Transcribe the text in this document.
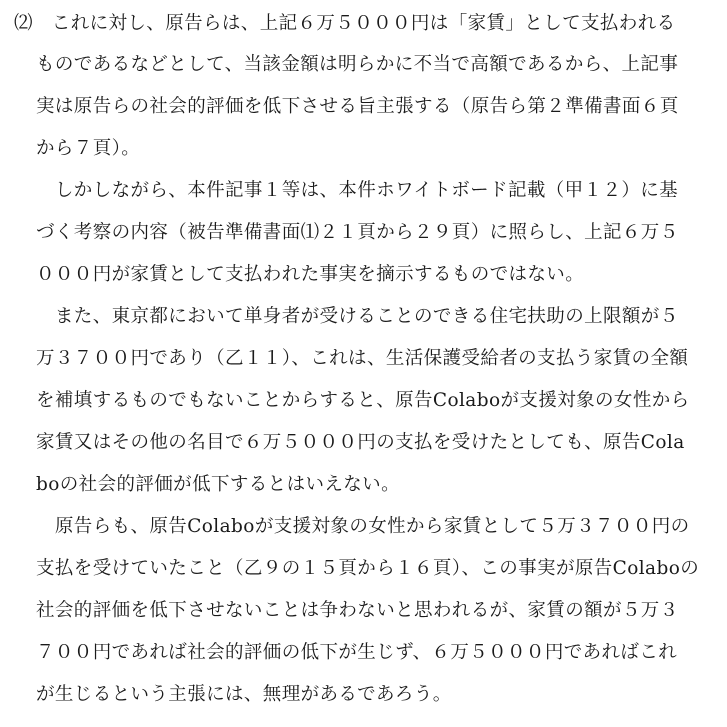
⑵　これに対し、原告らは、上記６万５０００円は「家賃」として支払われる
ものであるなどとして、当該金額は明らかに不当で高額であるから、上記事
実は原告らの社会的評価を低下させる旨主張する（原告ら第２準備書面６頁
から７頁）。
　しかしながら、本件記事１等は、本件ホワイトボード記載（甲１２）に基
づく考察の内容（被告準備書面⑴２１頁から２９頁）に照らし、上記６万５
０００円が家賃として支払われた事実を摘示するものではない。
　また、東京都において単身者が受けることのできる住宅扶助の上限額が５
万３７００円であり（乙１１）、これは、生活保護受給者の支払う家賃の全額
を補填するものでもないことからすると、原告Colaboが支援対象の女性から
家賃又はその他の名目で６万５０００円の支払を受けたとしても、原告Cola
boの社会的評価が低下するとはいえない。
　原告らも、原告Colaboが支援対象の女性から家賃として５万３７００円の
支払を受けていたこと（乙９の１５頁から１６頁）、この事実が原告Colaboの
社会的評価を低下させないことは争わないと思われるが、家賃の額が５万３
７００円であれば社会的評価の低下が生じず、６万５０００円であればこれ
が生じるという主張には、無理があるであろう。
